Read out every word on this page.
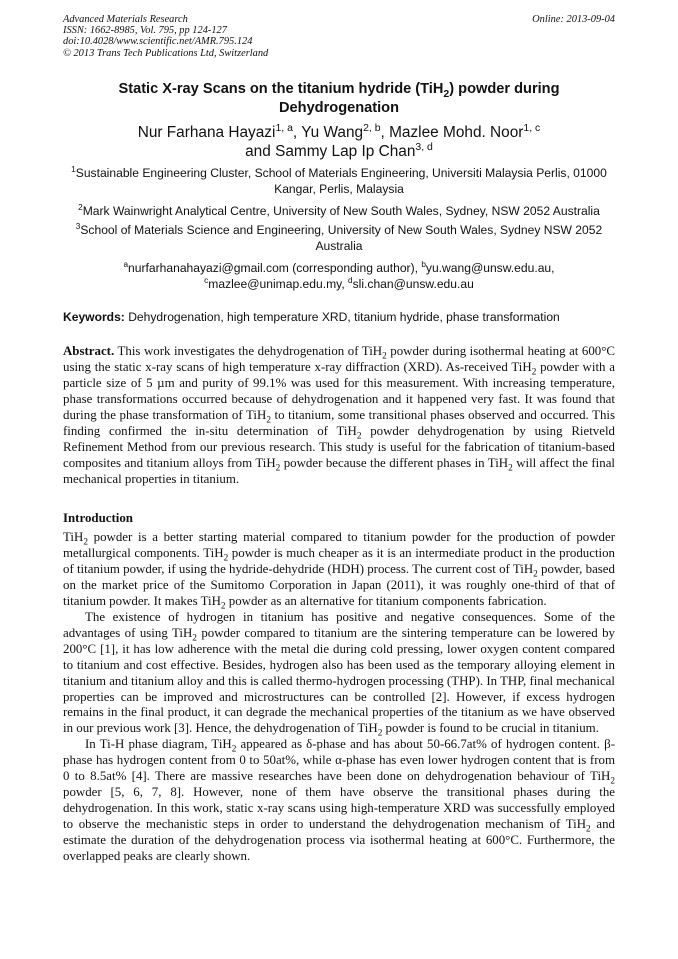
Advanced Materials Research
ISSN: 1662-8985, Vol. 795, pp 124-127
doi:10.4028/www.scientific.net/AMR.795.124
© 2013 Trans Tech Publications Ltd, Switzerland
Online: 2013-09-04
Static X-ray Scans on the titanium hydride (TiH$_2$) powder during Dehydrogenation
Nur Farhana Hayazi$^{1, a}$, Yu Wang$^{2, b}$, Mazlee Mohd. Noor$^{1, c}$
and Sammy Lap Ip Chan$^{3, d}$
$^1$Sustainable Engineering Cluster, School of Materials Engineering, Universiti Malaysia Perlis, 01000 Kangar, Perlis, Malaysia
$^2$Mark Wainwright Analytical Centre, University of New South Wales, Sydney, NSW 2052 Australia
$^3$School of Materials Science and Engineering, University of New South Wales, Sydney NSW 2052 Australia
$^a$nurfarhanahayazi@gmail.com (corresponding author), $^b$yu.wang@unsw.edu.au,
$^c$mazlee@unimap.edu.my, $^d$sli.chan@unsw.edu.au
Keywords: Dehydrogenation, high temperature XRD, titanium hydride, phase transformation
Abstract. This work investigates the dehydrogenation of TiH$_2$ powder during isothermal heating at 600°C using the static x-ray scans of high temperature x-ray diffraction (XRD). As-received TiH$_2$ powder with a particle size of 5 µm and purity of 99.1% was used for this measurement. With increasing temperature, phase transformations occurred because of dehydrogenation and it happened very fast. It was found that during the phase transformation of TiH$_2$ to titanium, some transitional phases observed and occurred. This finding confirmed the in-situ determination of TiH$_2$ powder dehydrogenation by using Rietveld Refinement Method from our previous research. This study is useful for the fabrication of titanium-based composites and titanium alloys from TiH$_2$ powder because the different phases in TiH$_2$ will affect the final mechanical properties in titanium.
Introduction

TiH$_2$ powder is a better starting material compared to titanium powder for the production of powder metallurgical components. TiH$_2$ powder is much cheaper as it is an intermediate product in the production of titanium powder, if using the hydride-dehydride (HDH) process. The current cost of TiH$_2$ powder, based on the market price of the Sumitomo Corporation in Japan (2011), it was roughly one-third of that of titanium powder. It makes TiH$_2$ powder as an alternative for titanium components fabrication.

The existence of hydrogen in titanium has positive and negative consequences. Some of the advantages of using TiH$_2$ powder compared to titanium are the sintering temperature can be lowered by 200°C [1], it has low adherence with the metal die during cold pressing, lower oxygen content compared to titanium and cost effective. Besides, hydrogen also has been used as the temporary alloying element in titanium and titanium alloy and this is called thermo-hydrogen processing (THP). In THP, final mechanical properties can be improved and microstructures can be controlled [2]. However, if excess hydrogen remains in the final product, it can degrade the mechanical properties of the titanium as we have observed in our previous work [3]. Hence, the dehydrogenation of TiH$_2$ powder is found to be crucial in titanium.

In Ti-H phase diagram, TiH$_2$ appeared as δ-phase and has about 50-66.7at% of hydrogen content. β-phase has hydrogen content from 0 to 50at%, while α-phase has even lower hydrogen content that is from 0 to 8.5at% [4]. There are massive researches have been done on dehydrogenation behaviour of TiH$_2$ powder [5, 6, 7, 8]. However, none of them have observe the transitional phases during the dehydrogenation. In this work, static x-ray scans using high-temperature XRD was successfully employed to observe the mechanistic steps in order to understand the dehydrogenation mechanism of TiH$_2$ and estimate the duration of the dehydrogenation process via isothermal heating at 600°C. Furthermore, the overlapped peaks are clearly shown.
